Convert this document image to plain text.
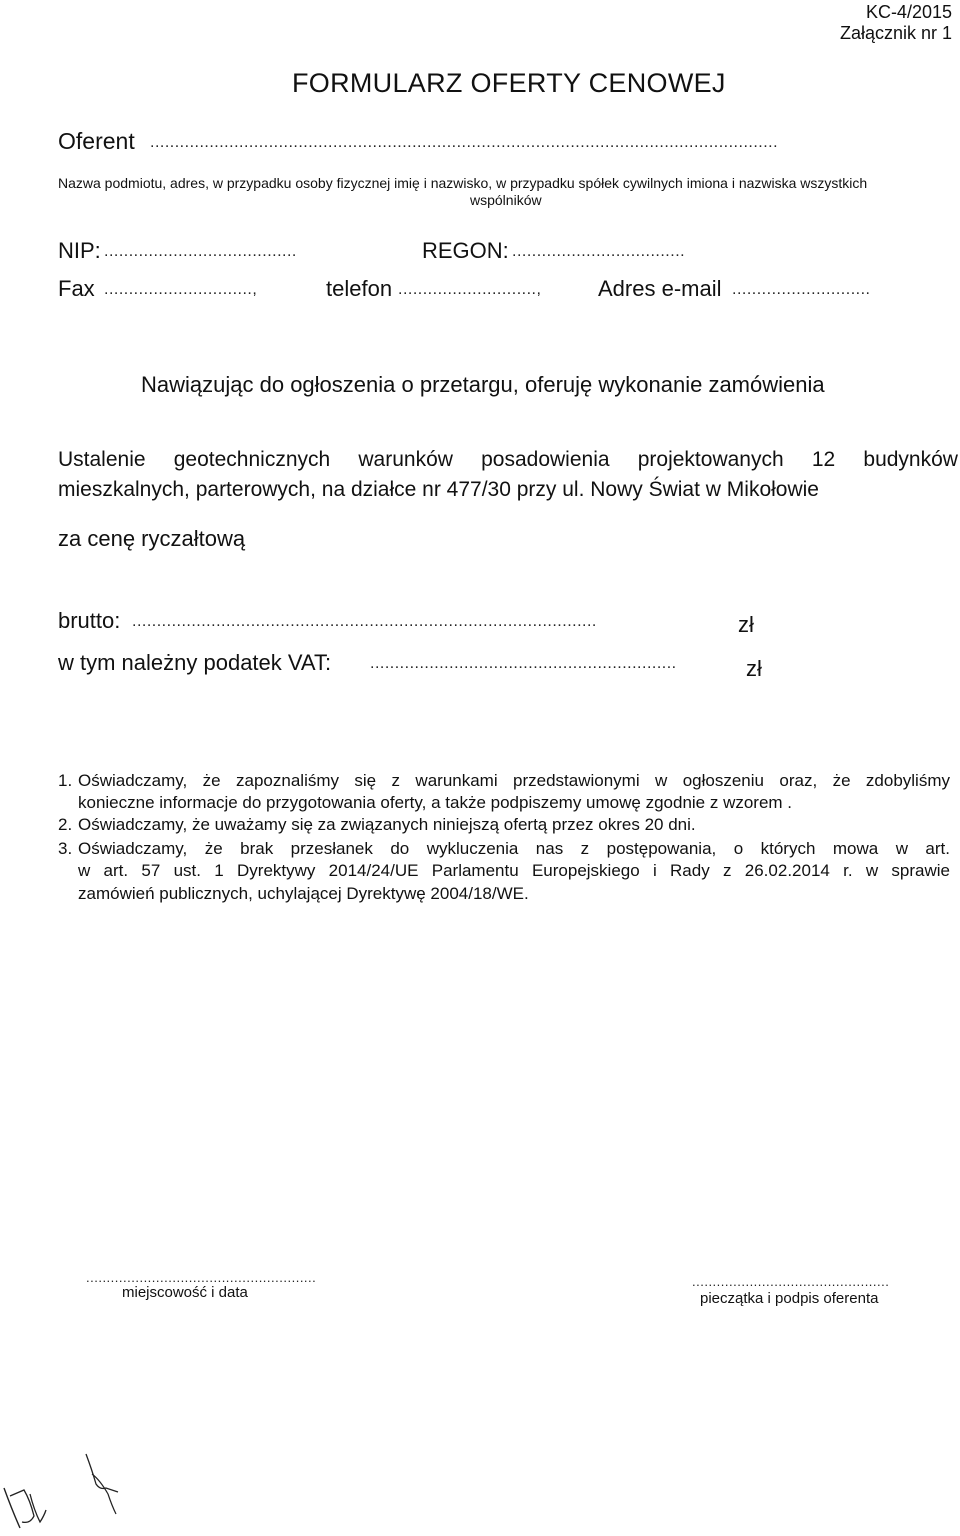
KC-4/2015
Załącznik nr 1
FORMULARZ OFERTY CENOWEJ
Oferent ...............................................................................................................................
Nazwa podmiotu, adres, w przypadku osoby fizycznej imię i nazwisko, w przypadku spółek cywilnych imiona i nazwiska wszystkich
wspólników
NIP: .......................................	REGON: ...................................
Fax ..............................,	telefon ............................,	Adres e-mail ............................
Nawiązując do ogłoszenia o przetargu, oferuję wykonanie zamówienia
Ustalenie geotechnicznych warunków posadowienia projektowanych 12 budynków
mieszkalnych, parterowych, na działce nr 477/30 przy ul. Nowy Świat w Mikołowie
za cenę ryczałtową
brutto: ..............................................................................................	zł
w tym należny podatek VAT: ..............................................................	zł
1. Oświadczamy, że zapoznaliśmy się z warunkami przedstawionymi w ogłoszeniu oraz, że zdobyliśmy
konieczne informacje do przygotowania oferty, a także podpiszemy umowę zgodnie z wzorem .
2. Oświadczamy, że uważamy się za związanych niniejszą ofertą przez okres 20 dni.
3. Oświadczamy, że brak przesłanek do wykluczenia nas z postępowania, o których mowa w art.
w art. 57 ust. 1 Dyrektywy 2014/24/UE Parlamentu Europejskiego i Rady z 26.02.2014 r. w sprawie
zamówień publicznych, uchylającej Dyrektywę 2004/18/WE.
........................................................
miejscowość i data
................................................
pieczątka i podpis oferenta
